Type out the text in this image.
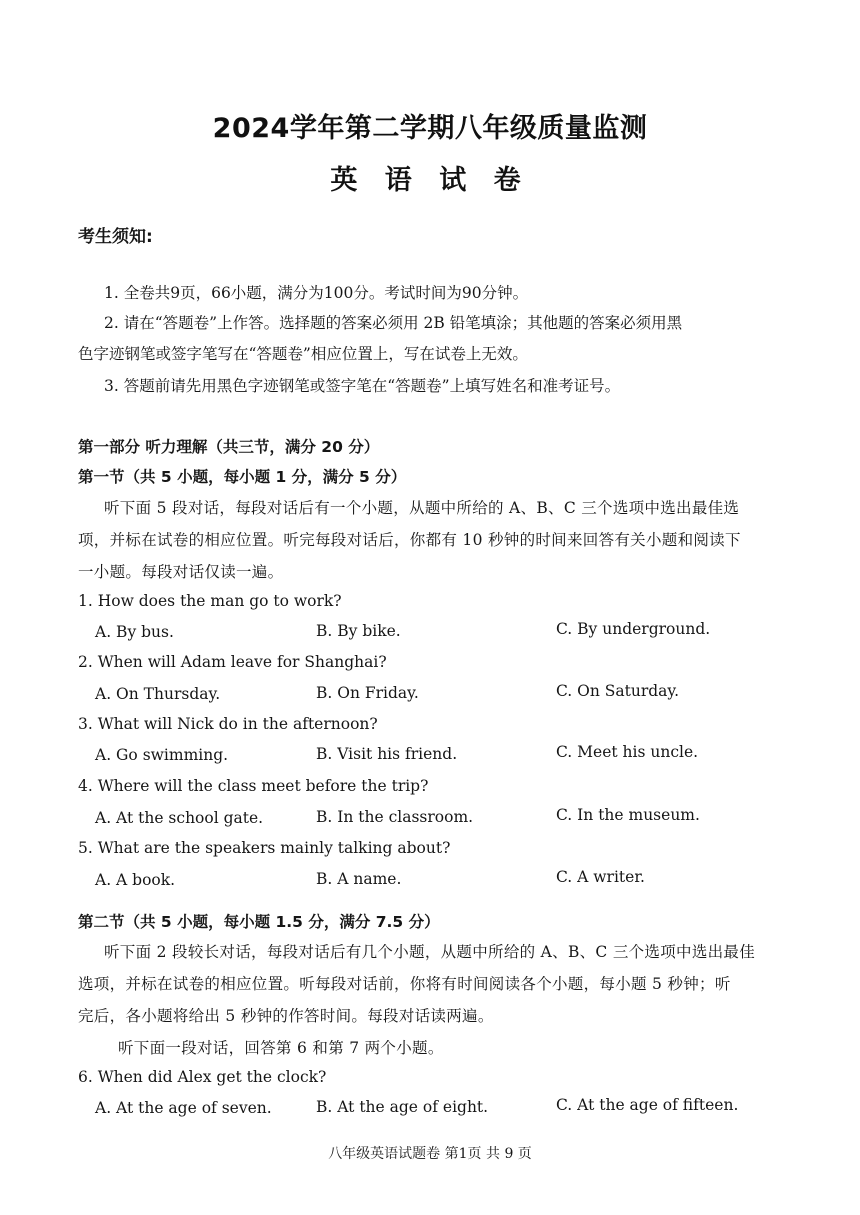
2024学年第二学期八年级质量监测
英 语 试 卷
考生须知:
1. 全卷共9页，66小题，满分为100分。考试时间为90分钟。
2. 请在“答题卷”上作答。选择题的答案必须用 2B 铅笔填涂；其他题的答案必须用黑
色字迹钢笔或签字笔写在“答题卷”相应位置上，写在试卷上无效。
3. 答题前请先用黑色字迹钢笔或签字笔在“答题卷”上填写姓名和准考证号。
第一部分 听力理解（共三节，满分 20 分）
第一节（共 5 小题，每小题 1 分，满分 5 分）
听下面 5 段对话，每段对话后有一个小题，从题中所给的 A、B、C 三个选项中选出最佳选
项，并标在试卷的相应位置。听完每段对话后，你都有 10 秒钟的时间来回答有关小题和阅读下
一小题。每段对话仅读一遍。
1. How does the man go to work?
A. By bus.	B. By bike.	C. By underground.
2. When will Adam leave for Shanghai?
A. On Thursday.	B. On Friday.	C. On Saturday.
3. What will Nick do in the afternoon?
A. Go swimming.	B. Visit his friend.	C. Meet his uncle.
4. Where will the class meet before the trip?
A. At the school gate.	B. In the classroom.	C. In the museum.
5. What are the speakers mainly talking about?
A. A book.	B. A name.	C. A writer.
第二节（共 5 小题，每小题 1.5 分，满分 7.5 分）
听下面 2 段较长对话，每段对话后有几个小题，从题中所给的 A、B、C 三个选项中选出最佳
选项，并标在试卷的相应位置。听每段对话前，你将有时间阅读各个小题，每小题 5 秒钟；听
完后，各小题将给出 5 秒钟的作答时间。每段对话读两遍。
听下面一段对话，回答第 6 和第 7 两个小题。
6. When did Alex get the clock?
A. At the age of seven.	B. At the age of eight.	C. At the age of fifteen.
八年级英语试题卷 第1页 共 9 页
